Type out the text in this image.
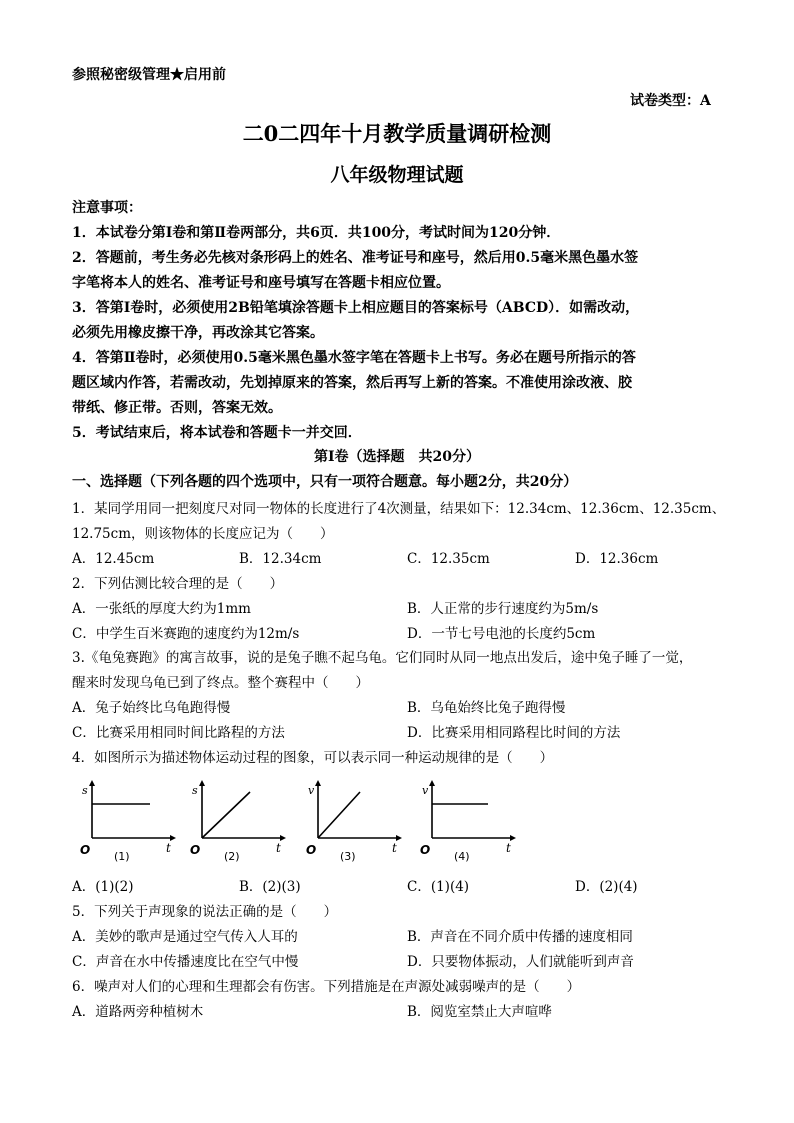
参照秘密级管理★启用前
试卷类型：A
二0二四年十月教学质量调研检测
八年级物理试题
注意事项：
1．本试卷分第Ⅰ卷和第Ⅱ卷两部分，共6页．共100分，考试时间为120分钟．
2．答题前，考生务必先核对条形码上的姓名、准考证号和座号，然后用0.5毫米黑色墨水签
字笔将本人的姓名、准考证号和座号填写在答题卡相应位置。
3．答第Ⅰ卷时，必须使用2B铅笔填涂答题卡上相应题目的答案标号（ABCD）．如需改动，
必须先用橡皮擦干净，再改涂其它答案。
4．答第Ⅱ卷时，必须使用0.5毫米黑色墨水签字笔在答题卡上书写。务必在题号所指示的答
题区域内作答，若需改动，先划掉原来的答案，然后再写上新的答案。不准使用涂改液、胶
带纸、修正带。否则，答案无效。
5．考试结束后，将本试卷和答题卡一并交回．
第Ⅰ卷（选择题　共20分）
一、选择题（下列各题的四个选项中，只有一项符合题意。每小题2分，共20分）
1．某同学用同一把刻度尺对同一物体的长度进行了4次测量，结果如下：12.34cm、12.36cm、12.35cm、
12.75cm，则该物体的长度应记为（　　）
A．12.45cm	B．12.34cm	C．12.35cm	D．12.36cm
2．下列估测比较合理的是（　　）
A．一张纸的厚度大约为1mm	B．人正常的步行速度约为5m/s
C．中学生百米赛跑的速度约为12m/s	D．一节七号电池的长度约5cm
3.《龟兔赛跑》的寓言故事，说的是兔子瞧不起乌龟。它们同时从同一地点出发后，途中兔子睡了一觉，
醒来时发现乌龟已到了终点。整个赛程中（　　）
A．兔子始终比乌龟跑得慢	B．乌龟始终比兔子跑得慢
C．比赛采用相同时间比路程的方法	D．比赛采用相同路程比时间的方法
4．如图所示为描述物体运动过程的图象，可以表示同一种运动规律的是（　　）
s
t
O (1)
s
t
O (2)
v
t
O (3)
v
t
O (4)
A．(1)(2)	B．(2)(3)	C．(1)(4)	D．(2)(4)
5．下列关于声现象的说法正确的是（　　）
A．美妙的歌声是通过空气传入人耳的	B．声音在不同介质中传播的速度相同
C．声音在水中传播速度比在空气中慢	D．只要物体振动，人们就能听到声音
6．噪声对人们的心理和生理都会有伤害。下列措施是在声源处减弱噪声的是（　　）
A．道路两旁种植树木	B．阅览室禁止大声喧哗
